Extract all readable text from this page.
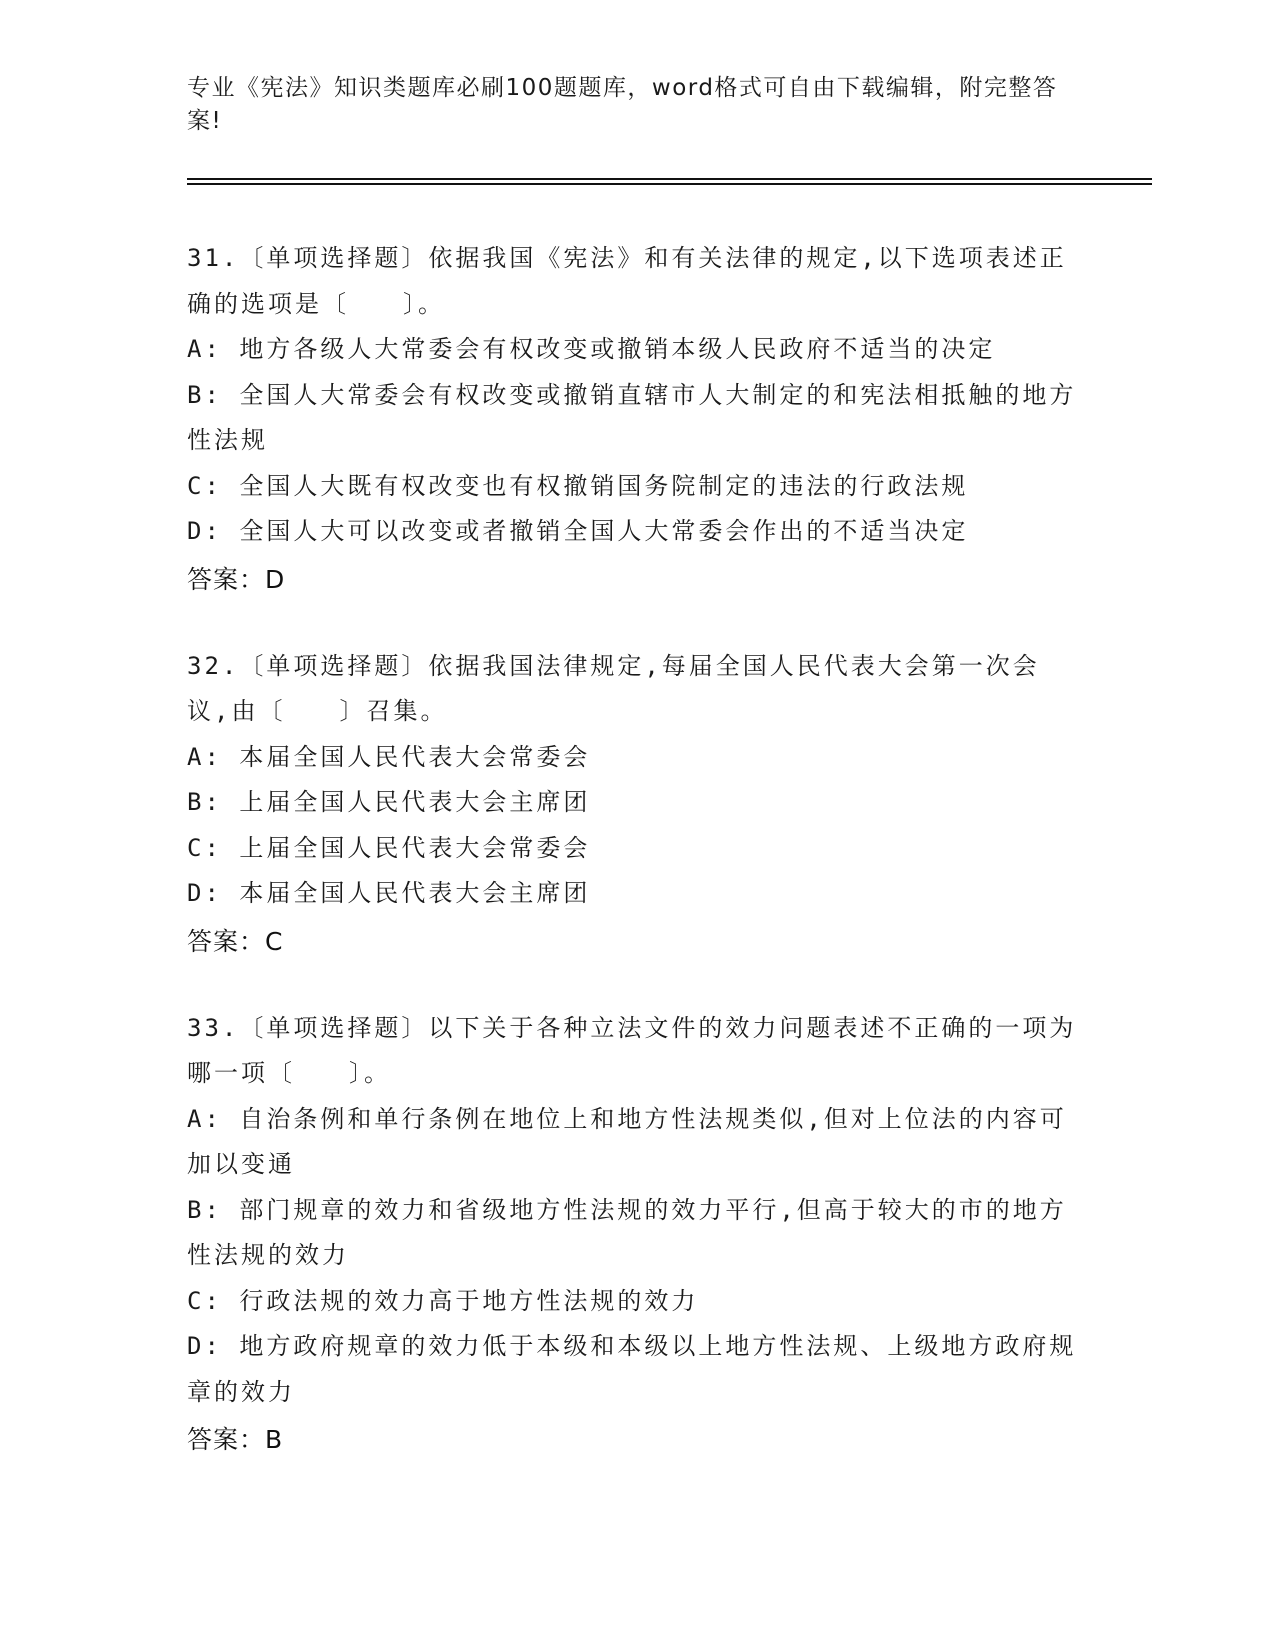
专业《宪法》知识类题库必刷100题题库，word格式可自由下载编辑，附完整答案!
31.〔单项选择题〕依据我国《宪法》和有关法律的规定,以下选项表述正确的选项是〔　　〕。
A: 地方各级人大常委会有权改变或撤销本级人民政府不适当的决定
B: 全国人大常委会有权改变或撤销直辖市人大制定的和宪法相抵触的地方性法规
C: 全国人大既有权改变也有权撤销国务院制定的违法的行政法规
D: 全国人大可以改变或者撤销全国人大常委会作出的不适当决定
答案：D
32.〔单项选择题〕依据我国法律规定,每届全国人民代表大会第一次会议,由〔　　〕召集。
A: 本届全国人民代表大会常委会
B: 上届全国人民代表大会主席团
C: 上届全国人民代表大会常委会
D: 本届全国人民代表大会主席团
答案：C
33.〔单项选择题〕以下关于各种立法文件的效力问题表述不正确的一项为哪一项〔　　〕。
A: 自治条例和单行条例在地位上和地方性法规类似,但对上位法的内容可加以变通
B: 部门规章的效力和省级地方性法规的效力平行,但高于较大的市的地方性法规的效力
C: 行政法规的效力高于地方性法规的效力
D: 地方政府规章的效力低于本级和本级以上地方性法规、上级地方政府规章的效力
答案：B
